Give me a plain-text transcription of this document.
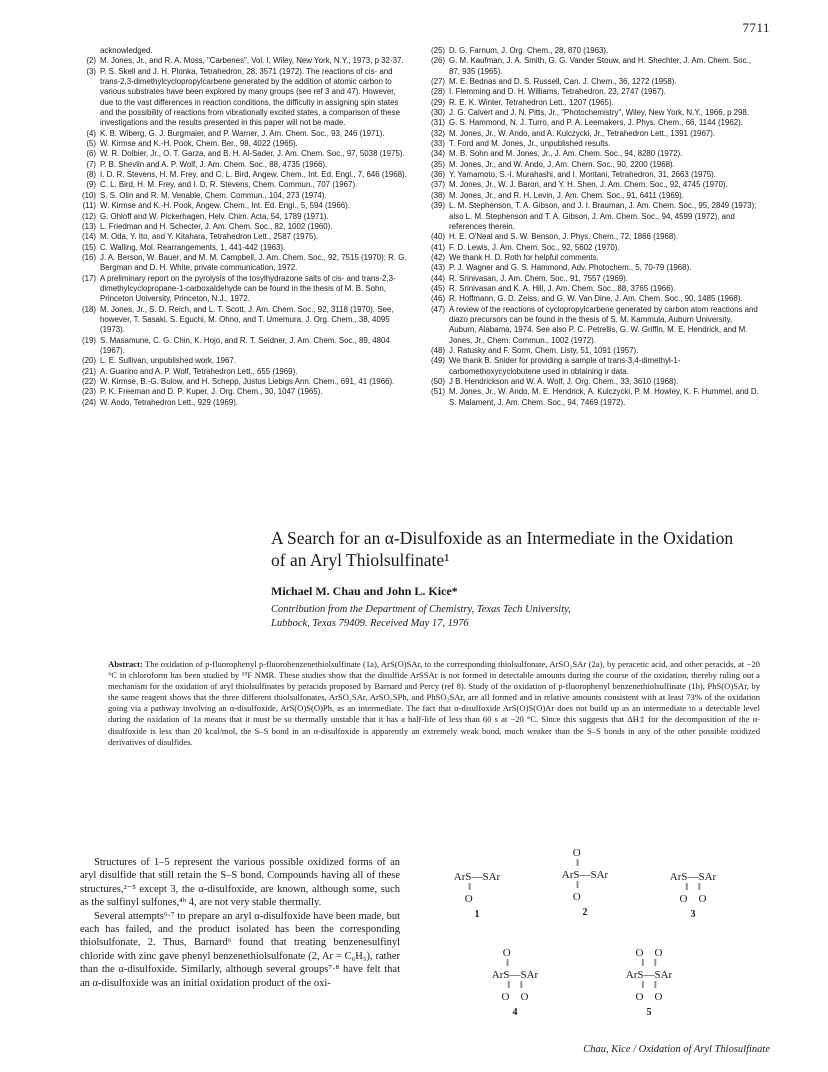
7711
acknowledged.
(2) M. Jones, Jr., and R. A. Moss, "Carbenes", Vol. I, Wiley, New York, N.Y., 1973, p 32-37.
(3) P. S. Skell and J. H. Plonka, Tetrahedron, 28, 3571 (1972). The reactions of cis- and trans-2,3-dimethylcyclopropylcarbene generated by the addition of atomic carbon to various substrates have been explored by many groups (see ref 3 and 47). However, due to the vast differences in reaction conditions, the difficulty in assigning spin states and the possibility of reactions from vibrationally excited states, a comparison of these investigations and the results presented in this paper will not be made.
(4) K. B. Wiberg, G. J. Burgmaier, and P. Warner, J. Am. Chem. Soc., 93, 246 (1971).
(5) W. Kirmse and K.-H. Pook, Chem. Ber., 98, 4022 (1965).
(6) W. R. Dolbier, Jr., O. T. Garza, and B. H. Al-Sader, J. Am. Chem. Soc., 97, 5038 (1975).
(7) P. B. Shevlin and A. P. Wolf, J. Am. Chem. Soc., 88, 4735 (1966).
(8) I. D. R. Stevens, H. M. Frey, and C. L. Bird, Angew. Chem., Int. Ed. Engl., 7, 646 (1968).
(9) C. L. Bird, H. M. Frey, and I. D. R. Stevens, Chem. Commun., 707 (1967).
(10) S. S. Olin and R. M. Venable, Chem. Commun., 104, 273 (1974).
(11) W. Kirmse and K.-H. Pook, Angew. Chem., Int. Ed. Engl., 5, 594 (1966).
(12) G. Ohloff and W. Pickerhagen, Helv. Chim. Acta, 54, 1789 (1971).
(13) L. Friedman and H. Schecter, J. Am. Chem. Soc., 82, 1002 (1960).
(14) M. Oda, Y. Ito, and Y. Kitahara, Tetrahedron Lett., 2587 (1975).
(15) C. Walling, Mol. Rearrangements, 1, 441-442 (1963).
(16) J. A. Berson, W. Bauer, and M. M. Campbell, J. Am. Chem. Soc., 92, 7515 (1970); R. G. Bergman and D. H. White, private communication, 1972.
(17) A preliminary report on the pyrolysis of the tosylhydrazone salts of cis- and trans-2,3-dimethylcyclopropane-1-carboxaldehyde can be found in the thesis of M. B. Sohn, Princeton University, Princeton, N.J., 1972.
(18) M. Jones, Jr., S. D. Reich, and L. T. Scott, J. Am. Chem. Soc., 92, 3118 (1970). See, however, T. Sasaki, S. Eguchi, M. Ohno, and T. Umemura, J. Org. Chem., 38, 4095 (1973).
(19) S. Masamune, C. G. Chin, K. Hojo, and R. T. Seidner, J. Am. Chem. Soc., 89, 4804 (1967).
(20) L. E. Sullivan, unpublished work, 1967.
(21) A. Guarino and A. P. Wolf, Tetrahedron Lett., 655 (1969).
(22) W. Kirmse, B.-G. Bulow, and H. Schepp, Justus Liebigs Ann. Chem., 691, 41 (1966).
(23) P. K. Freeman and D. P. Kuper, J. Org. Chem., 30, 1047 (1965).
(24) W. Ando, Tetrahedron Lett., 929 (1969).
(25) D. G. Farnum, J. Org. Chem., 28, 870 (1963).
(26) G. M. Kaufman, J. A. Smith, G. G. Vander Stouw, and H. Shechter, J. Am. Chem. Soc., 87, 935 (1965).
(27) M. E. Bednas and D. S. Russell, Can. J. Chem., 36, 1272 (1958).
(28) I. Flemming and D. H. Williams, Tetrahedron, 23, 2747 (1967).
(29) R. E. K. Winter, Tetrahedron Lett., 1207 (1965).
(30) J. G. Calvert and J. N. Pitts, Jr., "Photochemistry", Wiley, New York, N.Y., 1966, p 298.
(31) G. S. Hammond, N. J. Turro, and P. A. Leemakers, J. Phys. Chem., 66, 1144 (1962).
(32) M. Jones, Jr., W. Ando, and A. Kulczycki, Jr., Tetrahedron Lett., 1391 (1967).
(33) T. Ford and M. Jones, Jr., unpublished results.
(34) M. B. Sohn and M. Jones, Jr., J. Am. Chem. Soc., 94, 8280 (1972).
(35) M. Jones, Jr., and W. Ando, J. Am. Chem. Soc., 90, 2200 (1968).
(36) Y. Yamamoto, S.-I. Murahashi, and I. Moritani, Tetrahedron, 31, 2663 (1975).
(37) M. Jones, Jr., W. J. Baron, and Y. H. Shen, J. Am. Chem. Soc., 92, 4745 (1970).
(38) M. Jones, Jr., and R. H. Levin, J. Am. Chem. Soc., 91, 6411 (1969).
(39) L. M. Stephenson, T. A. Gibson, and J. I. Brauman, J. Am. Chem. Soc., 95, 2849 (1973); also L. M. Stephenson and T. A. Gibson, J. Am. Chem. Soc., 94, 4599 (1972), and references therein.
(40) H. E. O'Neal and S. W. Benson, J. Phys. Chem., 72, 1866 (1968).
(41) F. D. Lewis, J. Am. Chem. Soc., 92, 5602 (1970).
(42) We thank H. D. Roth for helpful comments.
(43) P. J. Wagner and G. S. Hammond, Adv. Photochem., 5, 70-79 (1968).
(44) R. Srinivasan, J. Am. Chem. Soc., 91, 7557 (1969).
(45) R. Srinivasan and K. A. Hill, J. Am. Chem. Soc., 88, 3765 (1966).
(46) R. Hoffmann, G. D. Zeiss, and G. W. Van Dine, J. Am. Chem. Soc., 90, 1485 (1968).
(47) A review of the reactions of cyclopropylcarbene generated by carbon atom reactions and diazo precursors can be found in the thesis of S. M. Kammula, Auburn University, Auburn, Alabama, 1974. See also P. C. Petrellis, G. W. Griffin, M. E. Hendrick, and M. Jones, Jr., Chem. Commun., 1002 (1972).
(48) J. Ratusky and F. Sorm, Chem. Listy, 51, 1091 (1957).
(49) We thank B. Snider for providing a sample of trans-3,4-dimethyl-1-carbomethoxycyclobutene used in obtaining ir data.
(50) J B. Hendrickson and W. A. Wolf, J. Org. Chem., 33, 3610 (1968).
(51) M. Jones, Jr., W. Ando, M. E. Hendrick, A. Kulczycki, P. M. Howley, K. F. Hummel, and D. S. Malament, J. Am. Chem. Soc., 94, 7469 (1972).
A Search for an α-Disulfoxide as an Intermediate in the Oxidation of an Aryl Thiolsulfinate¹
Michael M. Chau and John L. Kice*
Contribution from the Department of Chemistry, Texas Tech University,
Lubbock, Texas 79409. Received May 17, 1976
Abstract: The oxidation of p-fluorophenyl p-fluorobenzenethiolsulfinate (1a), ArS(O)SAr, to the corresponding thiolsulfonate, ArSO₂SAr (2a), by peracetic acid, and other peracids, at −20 °C in chloroform has been studied by ¹⁹F NMR. These studies show that the disulfide ArSSAr is not formed in detectable amounts during the course of the oxidation, thereby ruling out a mechanism for the oxidation of aryl thiolsulfinates by peracids proposed by Barnard and Percy (ref 8). Study of the oxidation of p-fluorophenyl benzenethiolsulfinate (1b), PhS(O)SAr, by the same reagent shows that the three different thiolsulfonates, ArSO₂SAr, ArSO₂SPh, and PhSO₂SAr, are all formed and in relative amounts consistent with at least 73% of the oxidation going via a pathway involving an α-disulfoxide, ArS(O)S(O)Ph, as an intermediate. The fact that α-disulfoxide ArS(O)S(O)Ar does not build up as an intermediate to a detectable level during the oxidation of 1a means that it must be so thermally unstable that it has a half-life of less than 60 s at −20 °C. Since this suggests that ΔH‡ for the decomposition of the α-disulfoxide is less than 20 kcal/mol, the S–S bond in an α-disulfoxide is apparently an extremely weak bond, much weaker than the S–S bonds in any of the other possible oxidized derivatives of disulfides.

Structures of 1–5 represent the various possible oxidized forms of an aryl disulfide that still retain the S–S bond. Compounds having all of these structures,²⁻⁵ except 3, the α-disulfoxide, are known, although some, such as the sulfinyl sulfones,⁴ᵇ 4, are not very stable thermally.

Several attempts⁶·⁷ to prepare an aryl α-disulfoxide have been made, but each has failed, and the product isolated has been the corresponding thiolsulfonate, 2. Thus, Barnard⁶ found that treating benzenesulfinyl chloride with zinc gave phenyl benzenethiolsulfonate (2, Ar = C₆H₅), rather than the α-disulfoxide. Similarly, although several groups⁷·⁸ have felt that an α-disulfoxide was an initial oxidation product of the oxi-

ArS—SAr
‖
O
1
O
‖
ArS—SAr
‖
O
2
ArS—SAr
‖    ‖
O    O
3
O
‖
ArS—SAr
‖    ‖
O    O
4
O    O
‖    ‖
ArS—SAr
‖    ‖
O    O
5
Chau, Kice / Oxidation of Aryl Thiosulfinate
